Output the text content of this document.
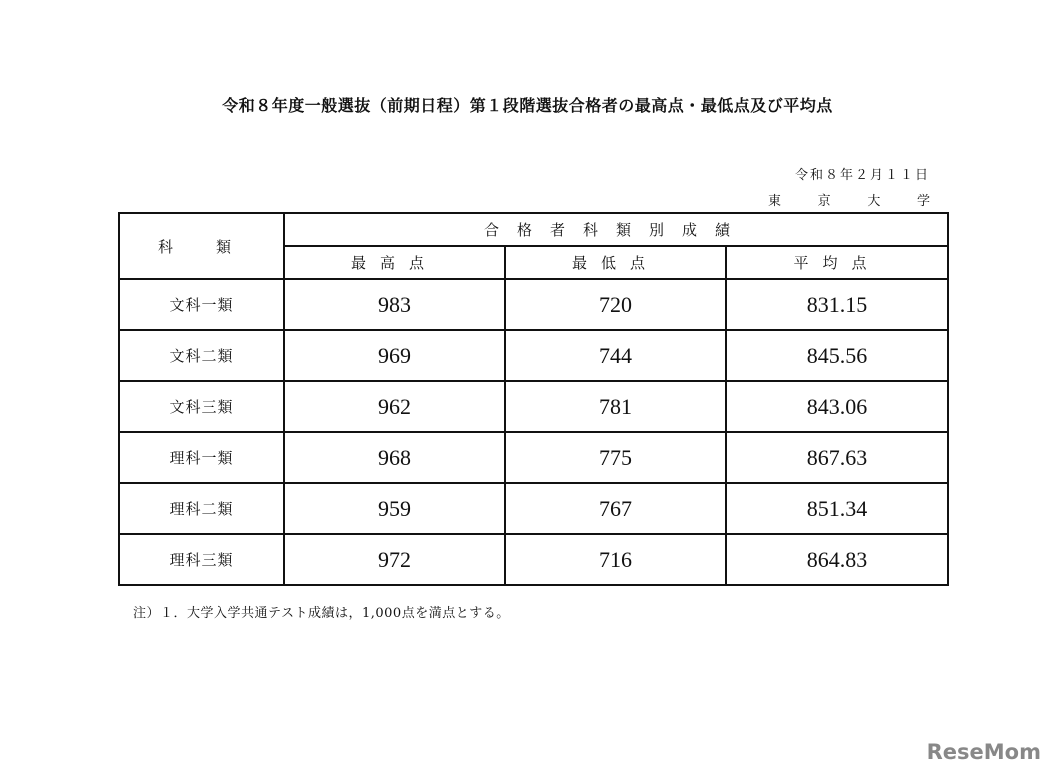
令和８年度一般選抜（前期日程）第１段階選抜合格者の最高点・最低点及び平均点
令和８年２月１１日
東	京	大	学
科　類	合格者科類別成績		
	最高点	最低点	平均点
文科一類	983	720	831.15
文科二類	969	744	845.56
文科三類	962	781	843.06
理科一類	968	775	867.63
理科二類	959	767	851.34
理科三類	972	716	864.83
注）１．大学入学共通テスト成績は，1,000点を満点とする。
ReseMom
